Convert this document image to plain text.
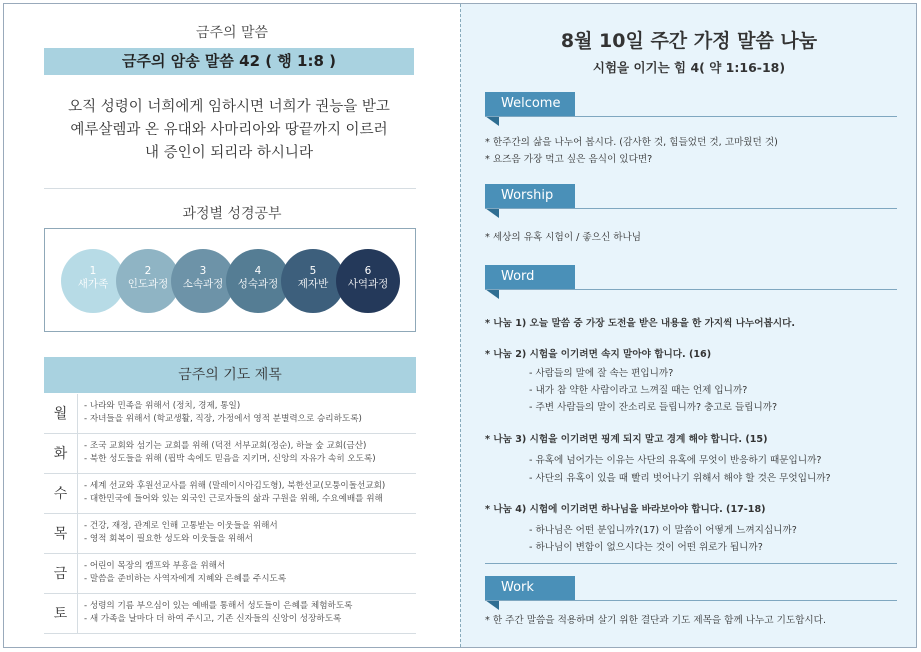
금주의 말씀
금주의 암송 말씀 42 ( 행 1:8 )
오직 성령이 너희에게 임하시면 너희가 권능을 받고
예루살렘과 온 유대와 사마리아와 땅끝까지 이르러
내 증인이 되리라 하시니라
과정별 성경공부
1
새가족
2
인도과정
3
소속과정
4
성숙과정
5
제자반
6
사역과정
금주의 기도 제목
월	- 나라와 민족을 위해서 (정치, 경제, 통일)
- 자녀들을 위해서 (학교생활, 직장, 가정에서 영적 분별력으로 승리하도록)
화	- 조국 교회와 섬기는 교회를 위해 (덕전 서부교회(정순), 하늘 숲 교회(금산)
- 북한 성도들을 위해 (핍박 속에도 믿음을 지키며, 신앙의 자유가 속히 오도록)
수	- 세계 선교와 후원선교사를 위해 (말레이시아김도형), 북한선교(모퉁이돌선교회)
- 대한민국에 들어와 있는 외국인 근로자들의 삶과 구원을 위해, 수요예배를 위해
목	- 건강, 재정, 관계로 인해 고통받는 이웃들을 위해서
- 영적 회복이 필요한 성도와 이웃들을 위해서
금	- 어린이 목장의 캠프와 부흥을 위해서
- 말씀을 준비하는 사역자에게 지혜와 은혜를 주시도록
토	- 성령의 기름 부으심이 있는 예배를 통해서 성도들이 은혜를 체험하도록
- 새 가족을 날마다 더 하여 주시고, 기존 신자들의 신앙이 성장하도록
8월 10일 주간 가정 말씀 나눔
시험을 이기는 힘 4( 약 1:16-18)
Welcome
* 한주간의 삶을 나누어 봅시다. (감사한 것, 힘들었던 것, 고마웠던 것)
* 요즈음 가장 먹고 싶은 음식이 있다면?
Worship
* 세상의 유혹 시험이 / 좋으신 하나님
Word
* 나눔 1) 오늘 말씀 중 가장 도전을 받은 내용을 한 가지씩 나누어봅시다.
* 나눔 2) 시험을 이기려면 속지 말아야 합니다. (16)
- 사람들의 말에 잘 속는 편입니까?
- 내가 참 약한 사람이라고 느껴질 때는 언제 입니까?
- 주변 사람들의 말이 잔소리로 들립니까? 충고로 들립니까?
* 나눔 3) 시험을 이기려면 핑계 되지 말고 경계 해야 합니다. (15)
- 유혹에 넘어가는 이유는 사단의 유혹에 무엇이 반응하기 때문입니까?
- 사단의 유혹이 있을 때 빨리 벗어나기 위해서 해야 할 것은 무엇입니까?
* 나눔 4) 시험에 이기려면 하나님을 바라보아야 합니다. (17-18)
- 하나님은 어떤 분입니까?(17) 이 말씀이 어떻게 느껴지십니까?
- 하나님이 변함이 없으시다는 것이 어떤 위로가 됩니까?
Work
* 한 주간 말씀을 적용하며 살기 위한 결단과 기도 제목을 함께 나누고 기도합시다.
